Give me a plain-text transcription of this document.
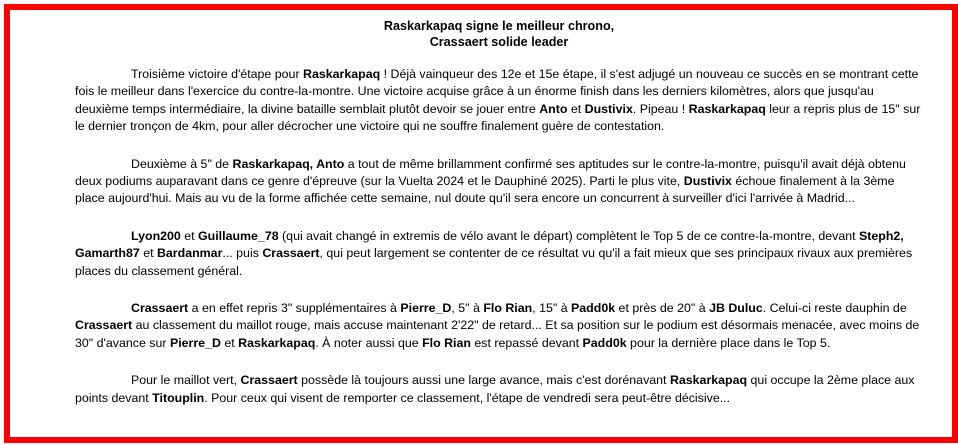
Raskarkapaq signe le meilleur chrono,
Crassaert solide leader

Troisième victoire d'étape pour Raskarkapaq ! Déjà vainqueur des 12e et 15e étape, il s'est adjugé un nouveau ce succès en se montrant cette fois le meilleur dans l'exercice du contre-la-montre. Une victoire acquise grâce à un énorme finish dans les derniers kilomètres, alors que jusqu'au deuxième temps intermédiaire, la divine bataille semblait plutôt devoir se jouer entre Anto et Dustivix. Pipeau ! Raskarkapaq leur a repris plus de 15" sur le dernier tronçon de 4km, pour aller décrocher une victoire qui ne souffre finalement guère de contestation.

Deuxième à 5" de Raskarkapaq, Anto a tout de même brillamment confirmé ses aptitudes sur le contre-la-montre, puisqu'il avait déjà obtenu deux podiums auparavant dans ce genre d'épreuve (sur la Vuelta 2024 et le Dauphiné 2025). Parti le plus vite, Dustivix échoue finalement à la 3ème place aujourd'hui. Mais au vu de la forme affichée cette semaine, nul doute qu'il sera encore un concurrent à surveiller d'ici l'arrivée à Madrid...

Lyon200 et Guillaume_78 (qui avait changé in extremis de vélo avant le départ) complètent le Top 5 de ce contre-la-montre, devant Steph2, Gamarth87 et Bardanmar... puis Crassaert, qui peut largement se contenter de ce résultat vu qu'il a fait mieux que ses principaux rivaux aux premières places du classement général.

Crassaert a en effet repris 3" supplémentaires à Pierre_D, 5" à Flo Rian, 15" à Padd0k et près de 20" à JB Duluc. Celui-ci reste dauphin de Crassaert au classement du maillot rouge, mais accuse maintenant 2'22" de retard... Et sa position sur le podium est désormais menacée, avec moins de 30" d'avance sur Pierre_D et Raskarkapaq. À noter aussi que Flo Rian est repassé devant Padd0k pour la dernière place dans le Top 5.

Pour le maillot vert, Crassaert possède là toujours aussi une large avance, mais c'est dorénavant Raskarkapaq qui occupe la 2ème place aux points devant Titouplin. Pour ceux qui visent de remporter ce classement, l'étape de vendredi sera peut-être décisive...
